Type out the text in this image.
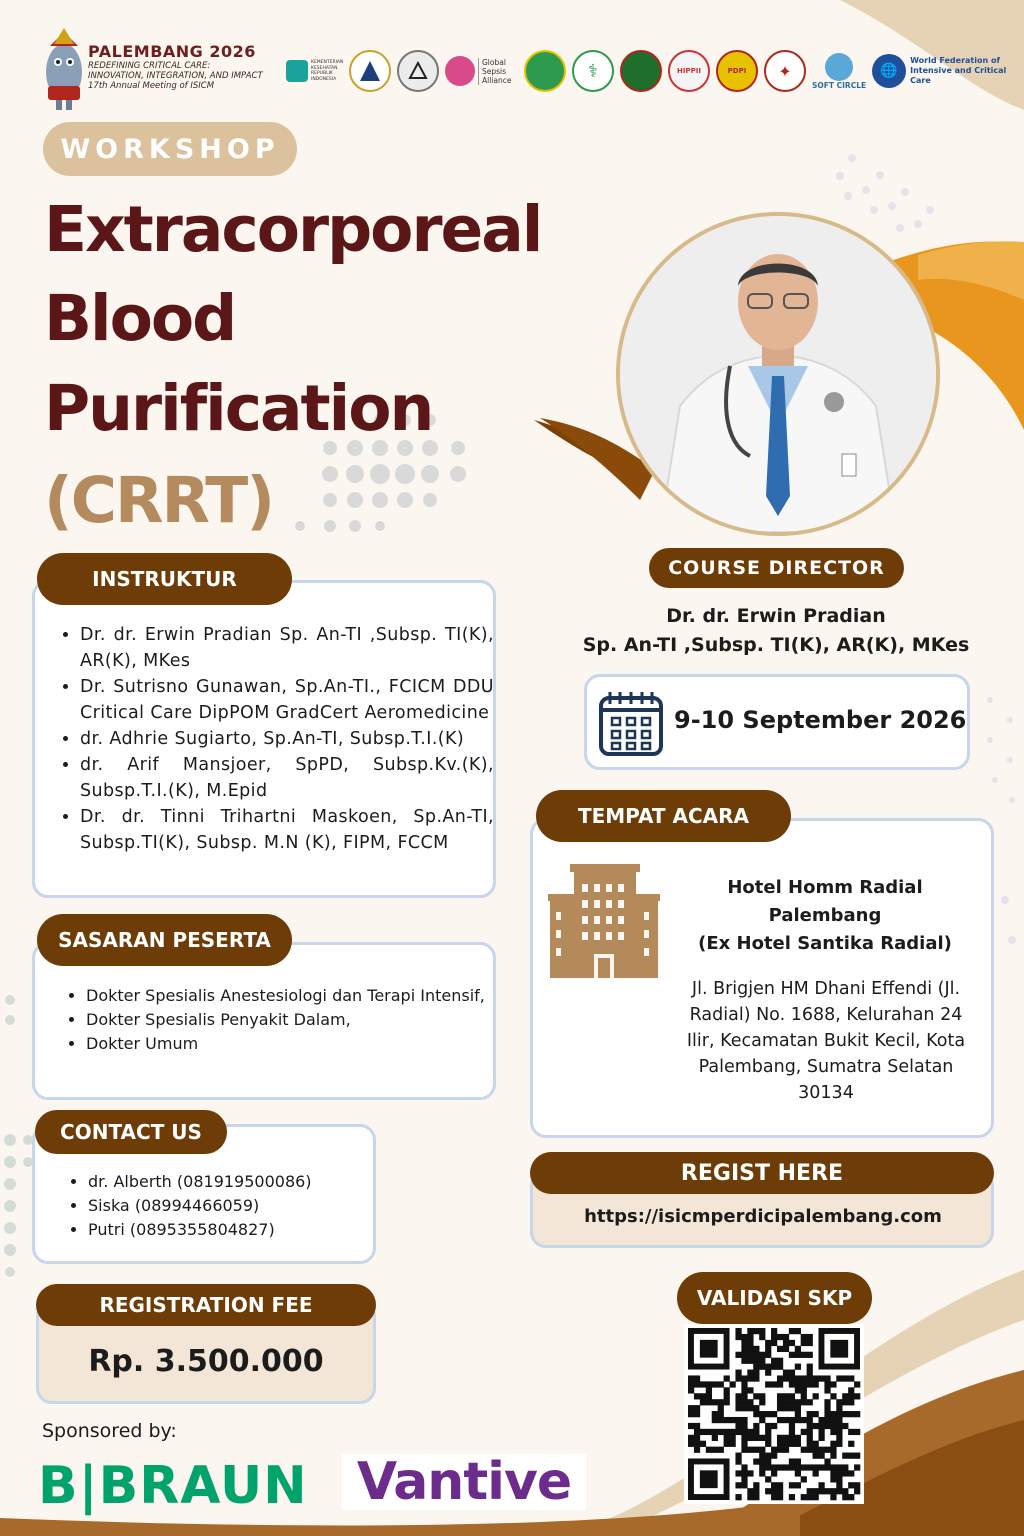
PALEMBANG 2026
REDEFINING CRITICAL CARE:
INNOVATION, INTEGRATION, AND IMPACT
17th Annual Meeting of ISICM
KEMENTERIAN KESEHATAN REPUBLIK INDONESIA
Global Sepsis Alliance	⚕	HIPPII	PDPI ✦
SOFT CIRCLE
🌐
World Federation of Intensive and Critical Care
WORKSHOP
Extracorporeal
Blood
Purification
(CRRT)
INSTRUKTUR
• Dr. dr. Erwin Pradian Sp. An-TI ,Subsp. TI(K), AR(K), MKes
• Dr. Sutrisno Gunawan, Sp.An-TI., FCICM DDU Critical Care DipPOM GradCert Aeromedicine
• dr. Adhrie Sugiarto, Sp.An-TI, Subsp.T.I.(K)
• dr. Arif Mansjoer, SpPD, Subsp.Kv.(K), Subsp.T.I.(K), M.Epid
• Dr. dr. Tinni Trihartni Maskoen, Sp.An-TI, Subsp.TI(K), Subsp. M.N (K), FIPM, FCCM
SASARAN PESERTA
• Dokter Spesialis Anestesiologi dan Terapi Intensif,
• Dokter Spesialis Penyakit Dalam,
• Dokter Umum
CONTACT US
• dr. Alberth (081919500086)
• Siska (08994466059)
• Putri (0895355804827)
REGISTRATION FEE
Rp. 3.500.000
Sponsored by:
B|BRAUN Vantive
COURSE DIRECTOR
Dr. dr. Erwin Pradian
Sp. An-TI ,Subsp. TI(K), AR(K), MKes
9-10 September 2026
TEMPAT ACARA
Hotel Homm Radial
Palembang
(Ex Hotel Santika Radial)
Jl. Brigjen HM Dhani Effendi (Jl. Radial) No. 1688, Kelurahan 24 Ilir, Kecamatan Bukit Kecil, Kota Palembang, Sumatra Selatan 30134
REGIST HERE
https://isicmperdicipalembang.com
VALIDASI SKP
